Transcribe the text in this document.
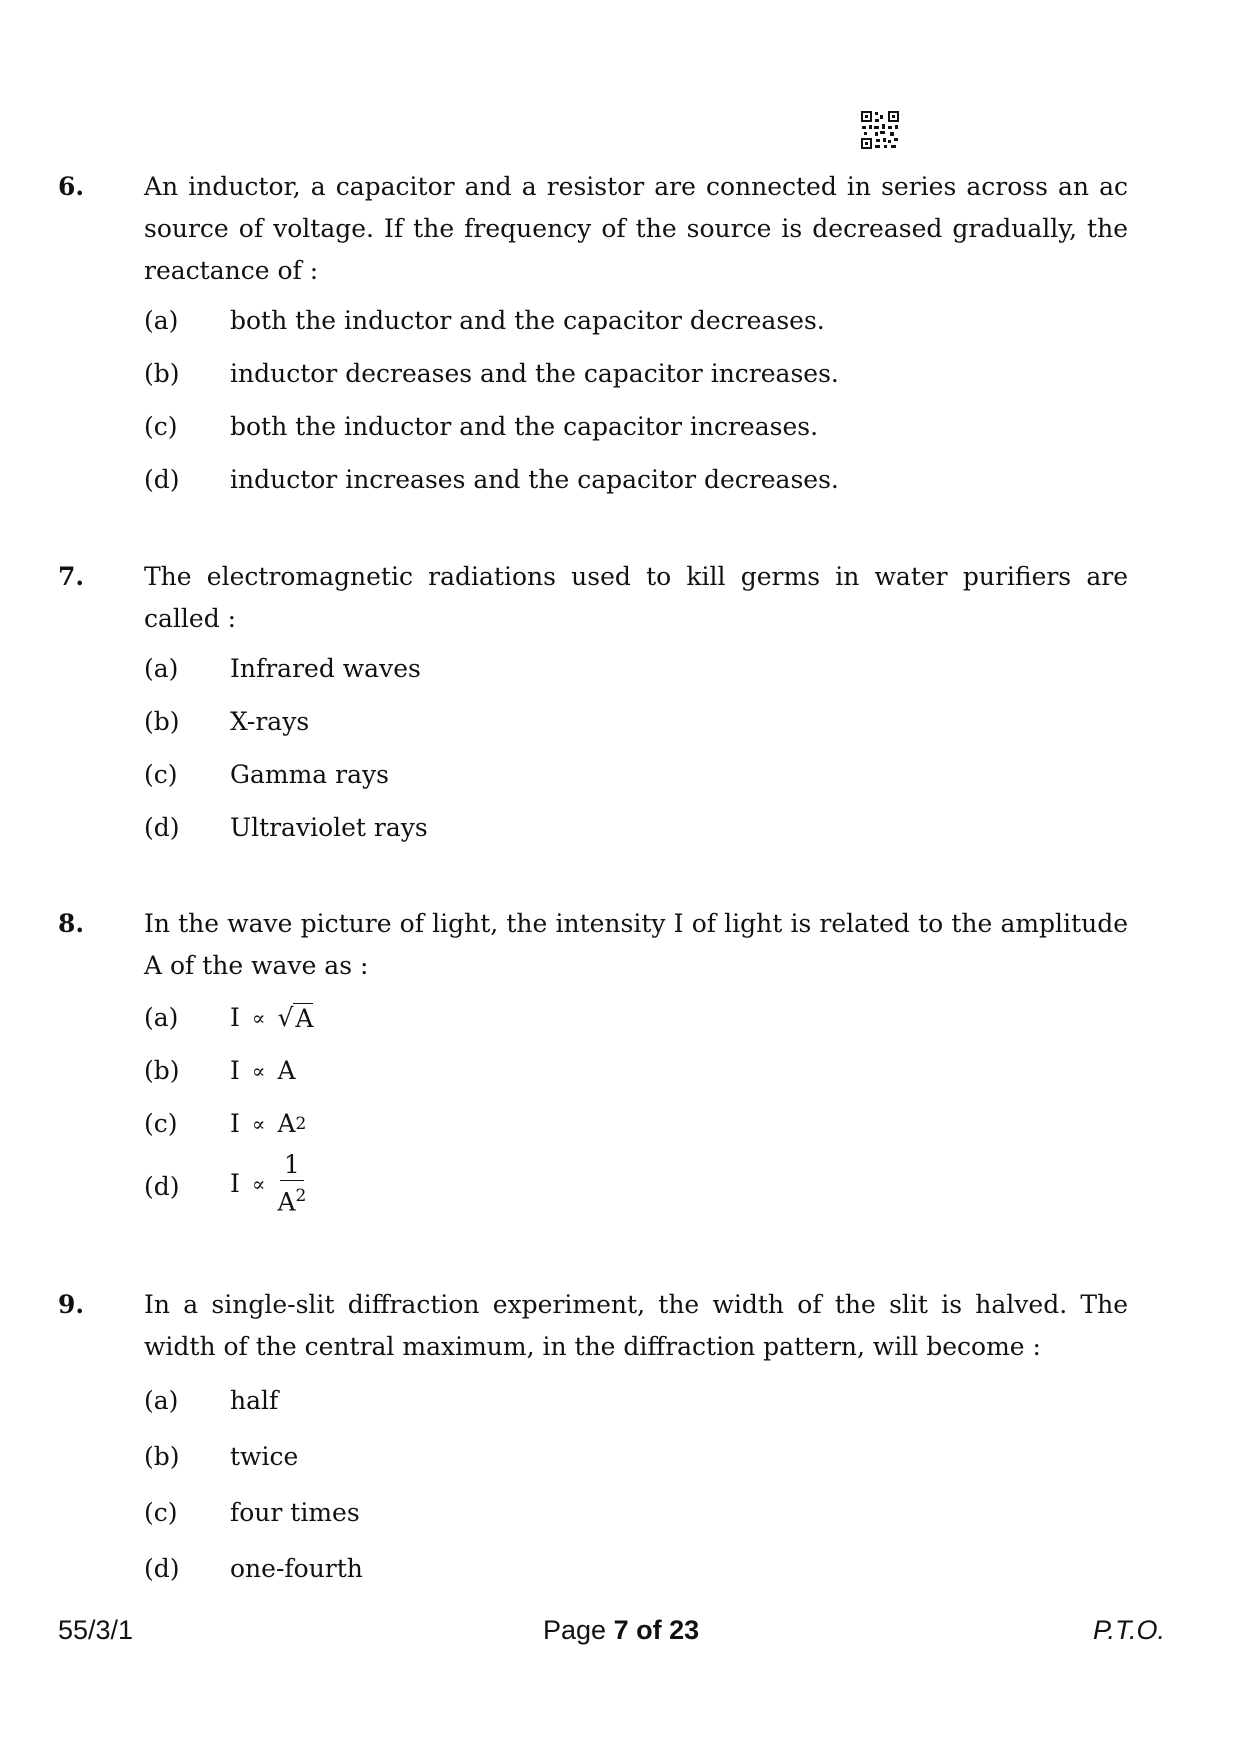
6. An inductor, a capacitor and a resistor are connected in series across an ac source of voltage. If the frequency of the source is decreased gradually, the reactance of :
(a) both the inductor and the capacitor decreases.
(b) inductor decreases and the capacitor increases.
(c) both the inductor and the capacitor increases.
(d) inductor increases and the capacitor decreases.
7. The electromagnetic radiations used to kill germs in water purifiers are called :
(a) Infrared waves
(b) X-rays
(c) Gamma rays
(d) Ultraviolet rays
8. In the wave picture of light, the intensity I of light is related to the amplitude A of the wave as :
(a) I ∝ √ A
(b) I ∝ A
(c) I ∝ A 2
(d) $I \propto \frac{1}{A^2}$
9. In a single-slit diffraction experiment, the width of the slit is halved. The width of the central maximum, in the diffraction pattern, will become :
(a) half
(b) twice
(c) four times
(d) one-fourth
55/3/1	Page 7 of 23	P.T.O.
